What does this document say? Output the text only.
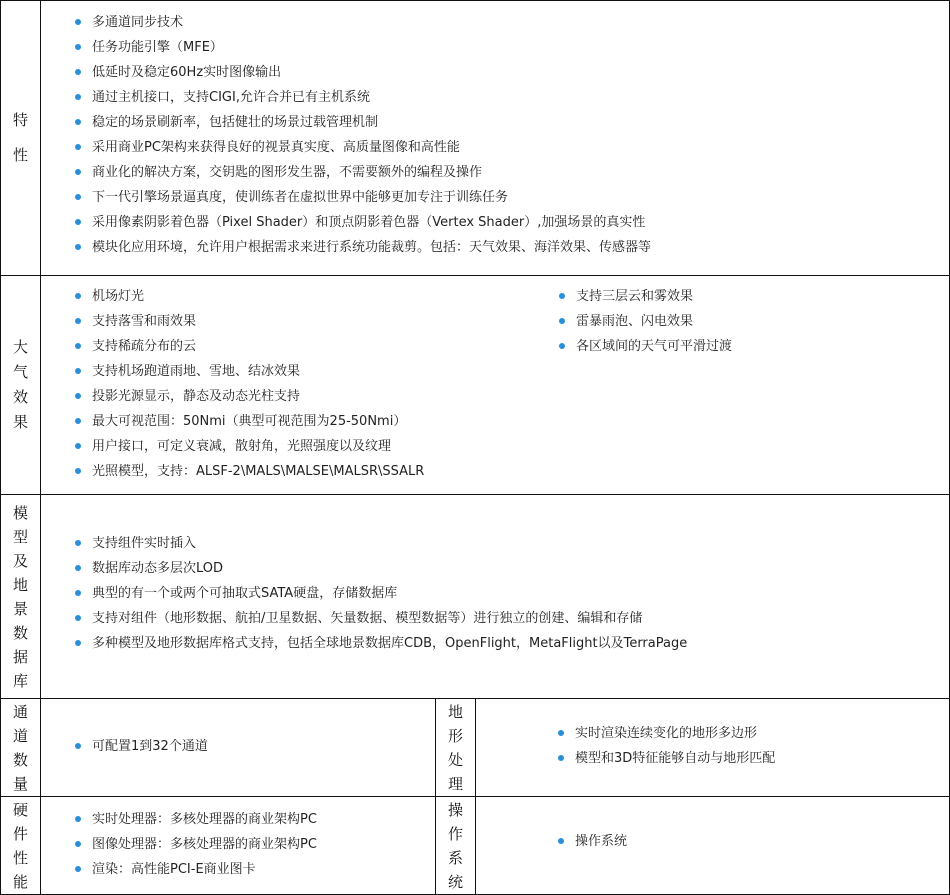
特
性
多通道同步技术
任务功能引擎（MFE）
低延时及稳定60Hz实时图像输出
通过主机接口，支持CIGI,允许合并已有主机系统
稳定的场景刷新率，包括健壮的场景过载管理机制
采用商业PC架构来获得良好的视景真实度、高质量图像和高性能
商业化的解决方案，交钥匙的图形发生器，不需要额外的编程及操作
下一代引擎场景逼真度，使训练者在虚拟世界中能够更加专注于训练任务
采用像素阴影着色器（Pixel Shader）和顶点阴影着色器（Vertex Shader）,加强场景的真实性
模块化应用环境，允许用户根据需求来进行系统功能裁剪。包括：天气效果、海洋效果、传感器等
大
气
效
果
机场灯光
支持落雪和雨效果
支持稀疏分布的云
支持机场跑道雨地、雪地、结冰效果
投影光源显示，静态及动态光柱支持
最大可视范围：50Nmi（典型可视范围为25-50Nmi）
用户接口，可定义衰减，散射角，光照强度以及纹理
光照模型，支持：ALSF-2\MALS\MALSE\MALSR\SSALR
支持三层云和雾效果
雷暴雨泡、闪电效果
各区域间的天气可平滑过渡
模
型
及
地
景
数
据
库
支持组件实时插入
数据库动态多层次LOD
典型的有一个或两个可抽取式SATA硬盘，存储数据库
支持对组件（地形数据、航拍/卫星数据、矢量数据、模型数据等）进行独立的创建、编辑和存储
多种模型及地形数据库格式支持，包括全球地景数据库CDB，OpenFlight，MetaFlight以及TerraPage
通
道
数
量
可配置1到32个通道
地
形
处
理
实时渲染连续变化的地形多边形
模型和3D特征能够自动与地形匹配
硬
件
性
能
实时处理器：多核处理器的商业架构PC
图像处理器：多核处理器的商业架构PC
渲染：高性能PCI-E商业图卡
操
作
系
统
操作系统
